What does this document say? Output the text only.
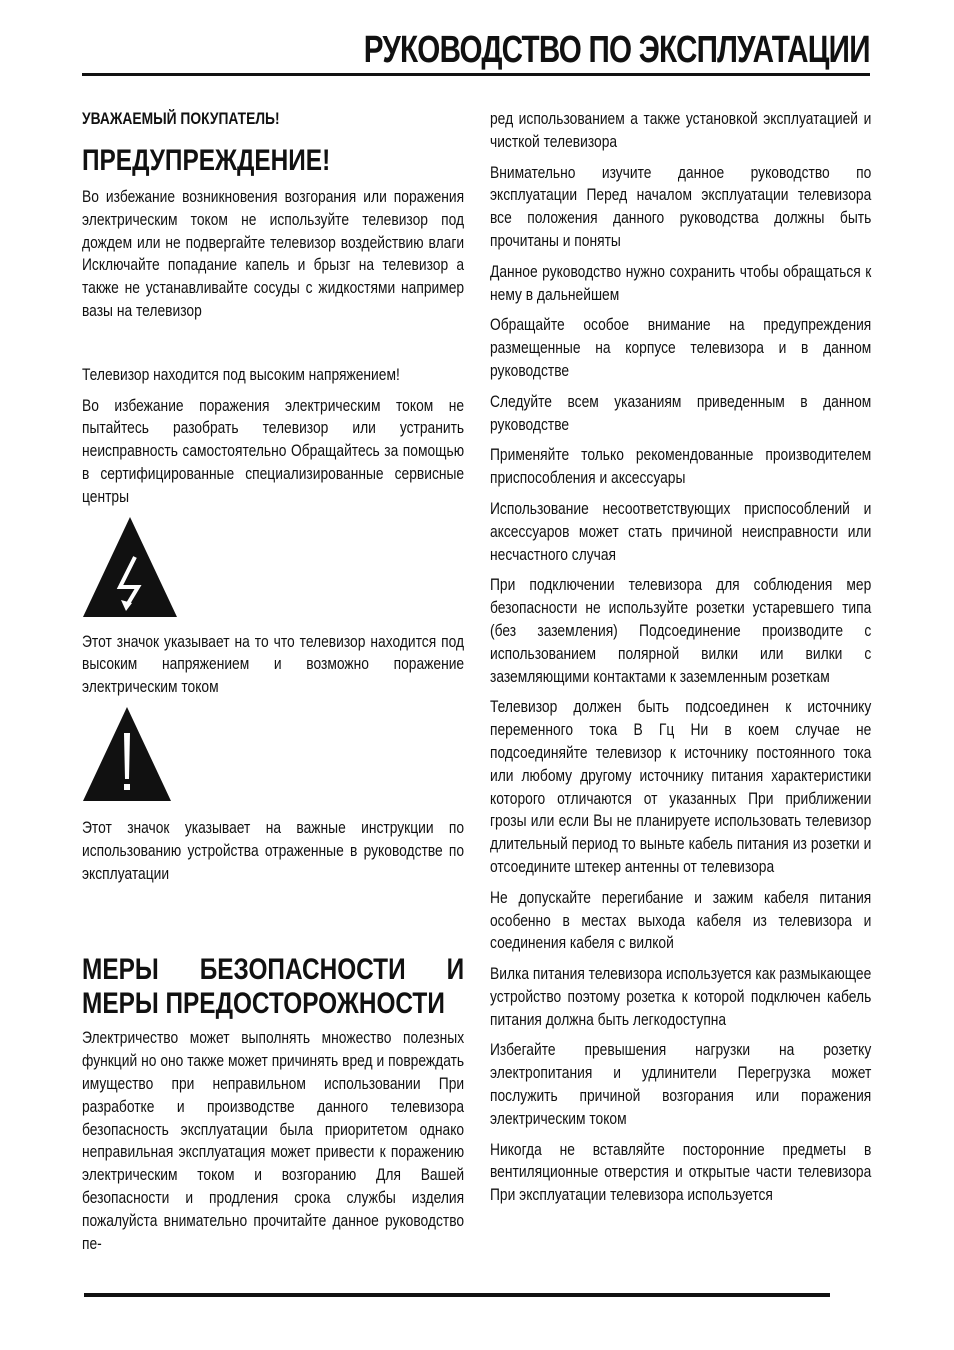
РУКОВОДСТВО ПО ЭКСПЛУАТАЦИИ
УВАЖАЕМЫЙ ПОКУПАТЕЛЬ!
ПРЕДУПРЕЖДЕНИЕ!

Во избежание возникновения возгорания или поражения электрическим током не используйте телевизор под дождем или не подвергайте телевизор воздействию влаги Исключайте попадание капель и брызг на телевизор а также не устанавливайте сосуды с жидкостями например вазы на телевизор

Телевизор находится под высоким напряжением!

Во избежание поражения электрическим током не пытайтесь разобрать телевизор или устранить неисправность самостоятельно Обращайтесь за помощью в сертифицированные специализированные сервисные центры

Этот значок указывает на то что телевизор находится под высоким напряжением и возможно поражение электрическим током

Этот значок указывает на важные инструкции по использованию устройства отраженные в руководстве по эксплуатации

МЕРЫ БЕЗОПАСНОСТИ И МЕРЫ ПРЕДОСТОРОЖНОСТИ

Электричество может выполнять множество полезных функций но оно также может причинять вред и повреждать имущество при неправильном использовании При разработке и производстве данного телевизора безопасность эксплуатации была приоритетом однако неправильная эксплуатация может привести к поражению электрическим током и возгоранию Для Вашей безопасности и продления срока службы изделия пожалуйста внимательно прочитайте данное руководство пе-

ред использованием а также установкой эксплуатацией и чисткой телевизора

Внимательно изучите данное руководство по эксплуатации Перед началом эксплуатации телевизора все положения данного руководства должны быть прочитаны и поняты

Данное руководство нужно сохранить чтобы обращаться к нему в дальнейшем

Обращайте особое внимание на предупреждения размещенные на корпусе телевизора и в данном руководстве

Следуйте всем указаниям приведенным в данном руководстве

Применяйте только рекомендованные производителем приспособления и аксессуары

Использование несоответствующих приспособлений и аксессуаров может стать причиной неисправности или несчастного случая

При подключении телевизора для соблюдения мер безопасности не используйте розетки устаревшего типа (без заземления) Подсоединение производите с использованием полярной вилки или вилки с заземляющими контактами к заземленным розеткам

Телевизор должен быть подсоединен к источнику переменного тока В Гц Ни в коем случае не подсоединяйте телевизор к источнику постоянного тока или любому другому источнику питания характеристики которого отличаются от указанных При приближении грозы или если Вы не планируете использовать телевизор длительный период то выньте кабель питания из розетки и отсоедините штекер антенны от телевизора

Не допускайте перегибание и зажим кабеля питания особенно в местах выхода кабеля из телевизора и соединения кабеля с вилкой

Вилка питания телевизора используется как размыкающее устройство поэтому розетка к которой подключен кабель питания должна быть легкодоступна

Избегайте превышения нагрузки на розетку электропитания и удлинители Перегрузка может послужить причиной возгорания или поражения электрическим током

Никогда не вставляйте посторонние предметы в вентиляционные отверстия и открытые части телевизора При эксплуатации телевизора используется
